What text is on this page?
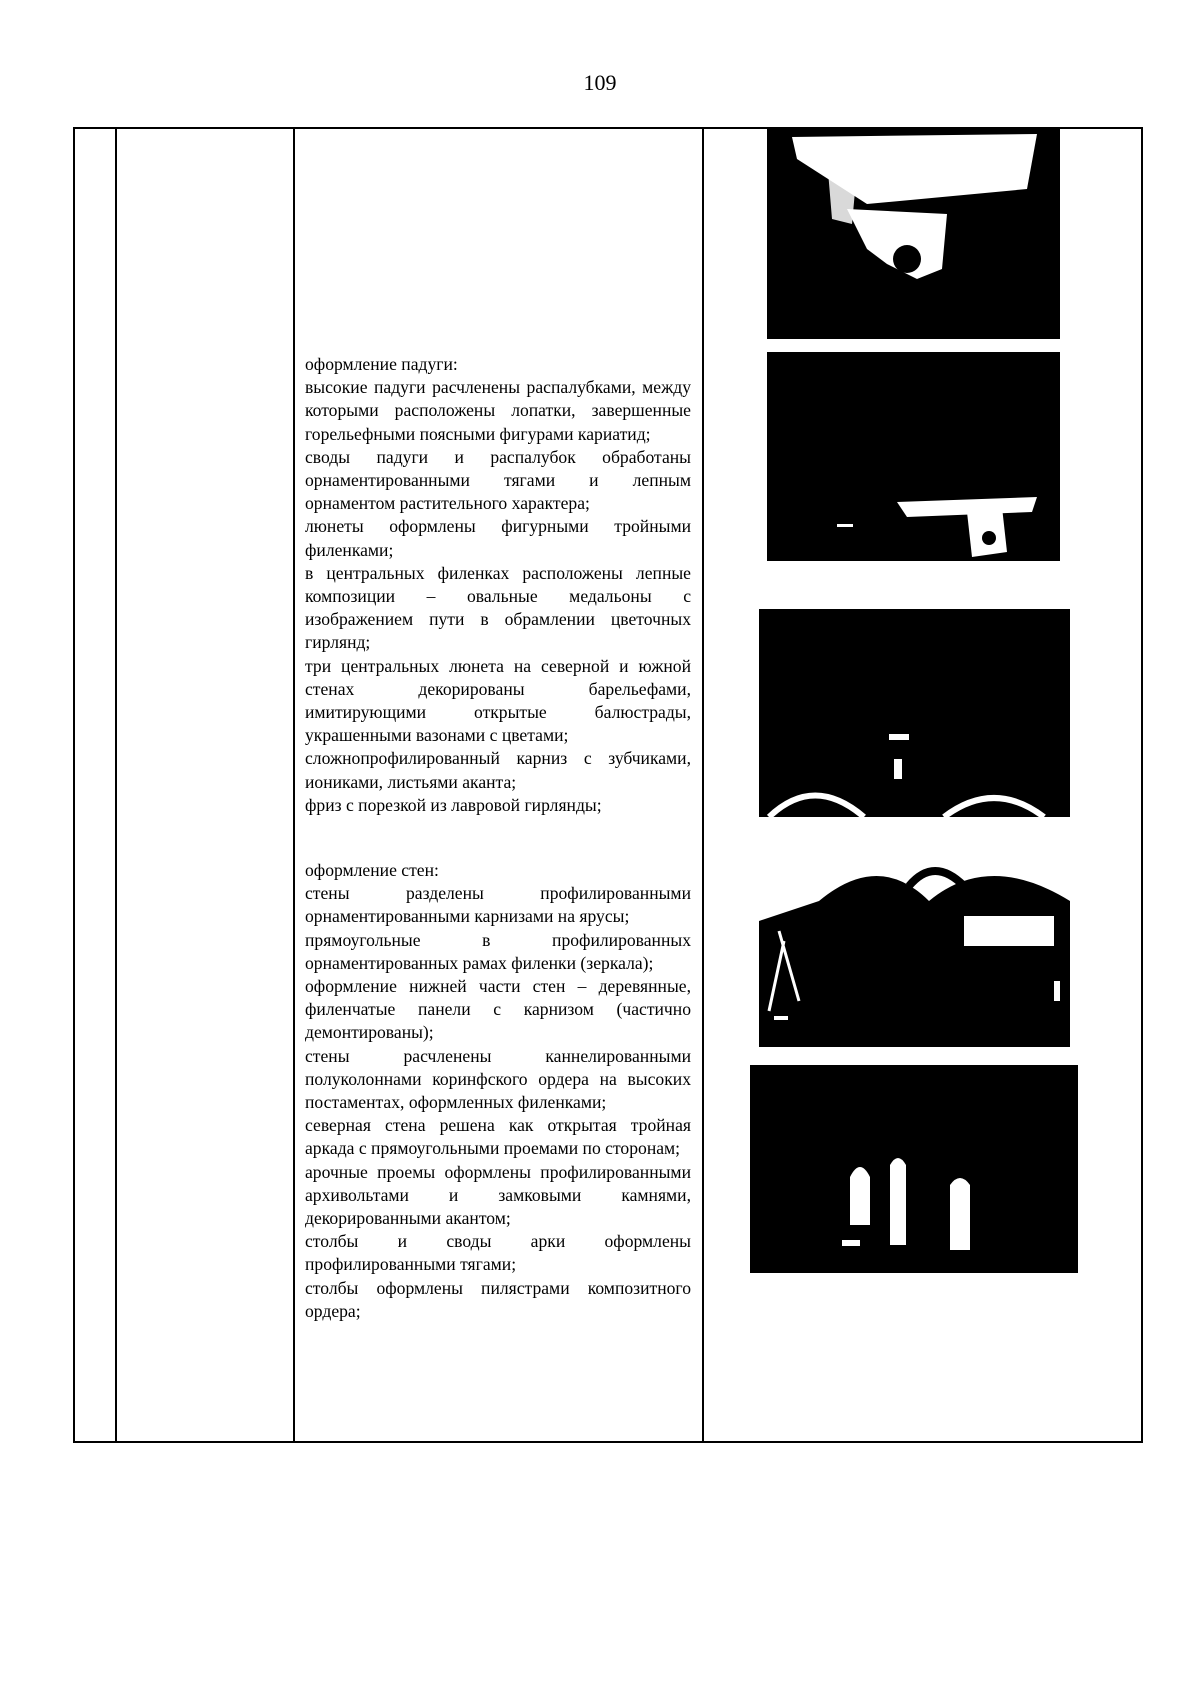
109

оформление падуги:

высокие падуги расчленены распалубками, между которыми расположены лопатки, завершенные горельефными поясными фигурами кариатид;

своды падуги и распалубок обработаны орнаментированными тягами и лепным орнаментом растительного характера;

люнеты оформлены фигурными тройными филенками;

в центральных филенках расположены лепные композиции – овальные медальоны с изображением пути в обрамлении цветочных гирлянд;

три центральных люнета на северной и южной стенах декорированы барельефами, имитирующими открытые балюстрады, украшенными вазонами с цветами;

сложнопрофилированный карниз с зубчиками, иониками, листьями аканта;

фриз с порезкой из лавровой гирлянды;

оформление стен:

стены разделены профилированными орнаментированными карнизами на ярусы;

прямоугольные в профилированных орнаментированных рамах филенки (зеркала);

оформление нижней части стен – деревянные, филенчатые панели с карнизом (частично демонтированы);

стены расчленены каннелированными полуколоннами коринфского ордера на высоких постаментах, оформленных филенками;

северная стена решена как открытая тройная аркада с прямоугольными проемами по сторонам;

арочные проемы оформлены профилированными архивольтами и замковыми камнями, декорированными акантом;

столбы и своды арки оформлены профилированными тягами;

столбы оформлены пилястрами композитного ордера;
